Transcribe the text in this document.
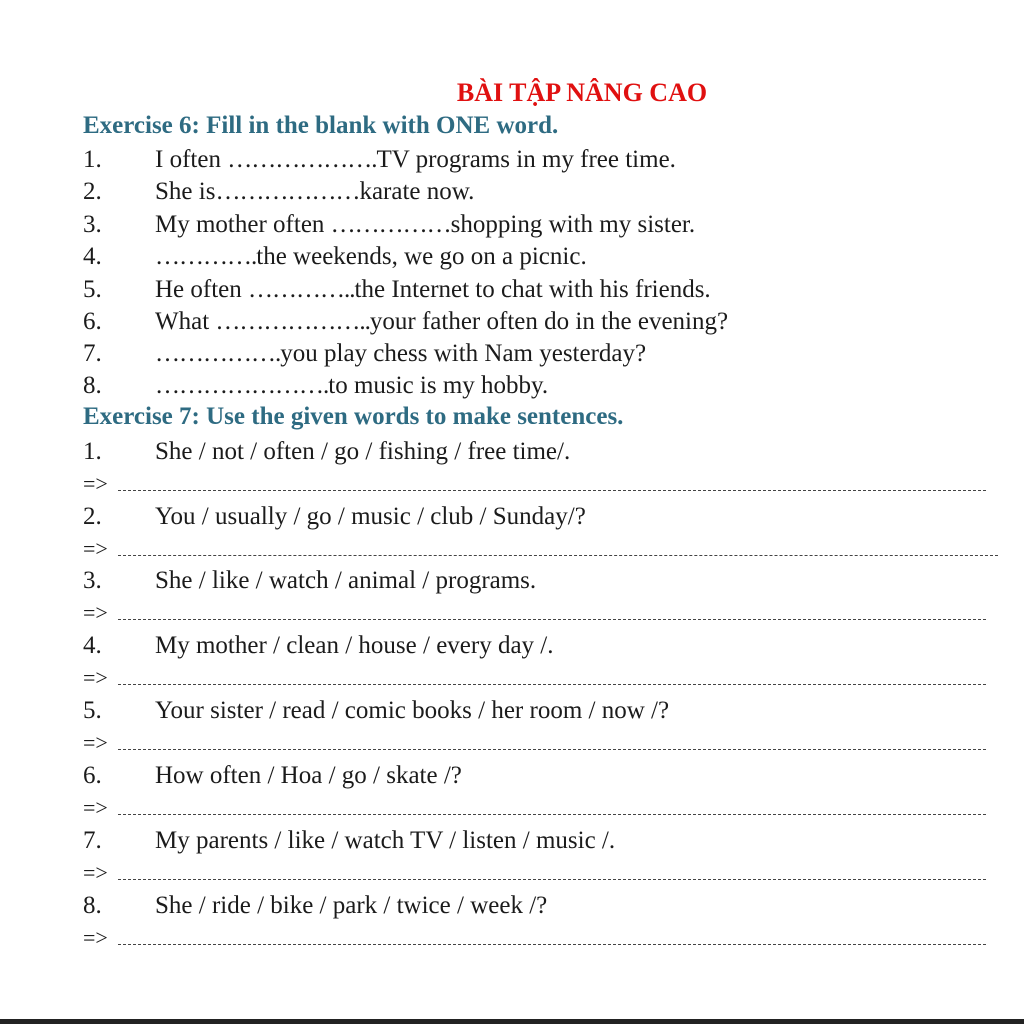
BÀI TẬP NÂNG CAO
Exercise 6: Fill in the blank with ONE word.
1. I often ……………….TV programs in my free time.
2. She is………………karate now.
3. My mother often ……………shopping with my sister.
4. ………….the weekends, we go on a picnic.
5. He often …………..the Internet to chat with his friends.
6. What ………………..your father often do in the evening?
7. …………….you play chess with Nam yesterday?
8. ………………….to music is my hobby.
Exercise 7: Use the given words to make sentences.
1. She / not / often / go / fishing / free time/.
=>
2. You / usually / go / music / club / Sunday/?
=>
3. She / like / watch / animal / programs.
=>
4. My mother / clean / house / every day /.
=>
5. Your sister / read / comic books / her room / now /?
=>
6. How often / Hoa / go / skate /?
=>
7. My parents / like / watch TV / listen / music /.
=>
8. She / ride / bike / park / twice / week /?
=>
